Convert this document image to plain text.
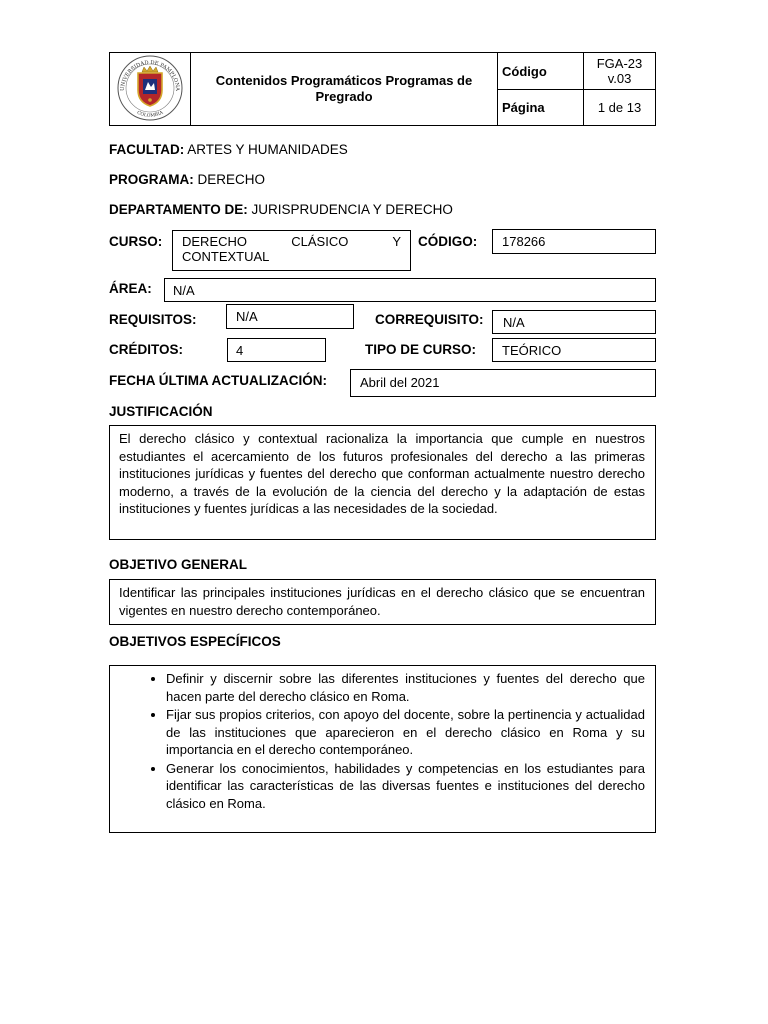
UNIVERSIDAD DE PAMPLONA
COLOMBIA	Contenidos Programáticos Programas de Pregrado	Código	FGA-23 v.03
		Página	1 de 13
FACULTAD: ARTES Y HUMANIDADES
PROGRAMA: DERECHO
DEPARTAMENTO DE: JURISPRUDENCIA Y DERECHO
CURSO: DERECHO CLÁSICO Y
CONTEXTUAL
CÓDIGO: 178266
ÁREA: N/A
REQUISITOS:	N/A	CORREQUISITO: N/A
CRÉDITOS:	4	TIPO DE CURSO: TEÓRICO
FECHA ÚLTIMA ACTUALIZACIÓN:	Abril del 2021
JUSTIFICACIÓN
El derecho clásico y contextual racionaliza la importancia que cumple en nuestros estudiantes el acercamiento de los futuros profesionales del derecho a las primeras instituciones jurídicas y fuentes del derecho que conforman actualmente nuestro derecho moderno, a través de la evolución de la ciencia del derecho y la adaptación de estas instituciones y fuentes jurídicas a las necesidades de la sociedad.
OBJETIVO GENERAL
Identificar las principales instituciones jurídicas en el derecho clásico que se encuentran vigentes en nuestro derecho contemporáneo.
OBJETIVOS ESPECÍFICOS
• Definir y discernir sobre las diferentes instituciones y fuentes del derecho que hacen parte del derecho clásico en Roma.
• Fijar sus propios criterios, con apoyo del docente, sobre la pertinencia y actualidad de las instituciones que aparecieron en el derecho clásico en Roma y su importancia en el derecho contemporáneo.
• Generar los conocimientos, habilidades y competencias en los estudiantes para identificar las características de las diversas fuentes e instituciones del derecho clásico en Roma.
